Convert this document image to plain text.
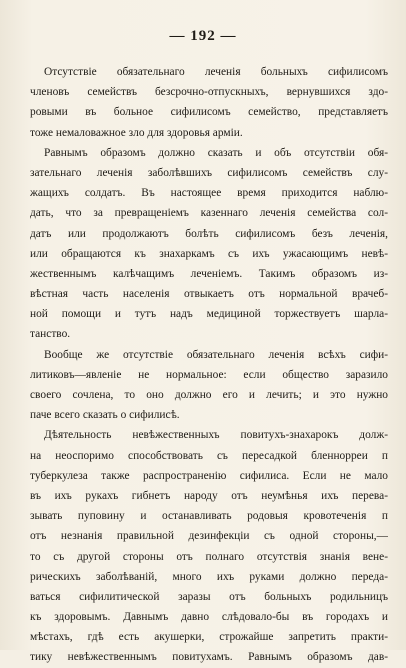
— 192 —
Отсутствіе обязательнаго леченія больныхъ сифилисомъ
членовъ семействъ безсрочно-отпускныхъ, вернувшихся здо-
ровыми въ больное сифилисомъ семейство, представляетъ
тоже немаловажное зло для здоровья арміи.
Равнымъ образомъ должно сказать и объ отсутствіи обя-
зательнаго леченія заболѣвшихъ сифилисомъ семействъ слу-
жащихъ солдатъ. Въ настоящее время приходится наблю-
дать, что за превращеніемъ казеннаго леченія семейства сол-
датъ или продолжаютъ болѣть сифилисомъ безъ леченія,
или обращаются къ знахаркамъ съ ихъ ужасающимъ невѣ-
жественнымъ калѣчащимъ леченіемъ. Такимъ образомъ из-
вѣстная часть населенія отвыкаетъ отъ нормальной врачеб-
ной помощи и тутъ надъ медициной торжествуетъ шарла-
танство.
Вообще же отсутствіе обязательнаго леченія всѣхъ сифи-
литиковъ—явленіе не нормальное: если общество заразило
своего сочлена, то оно должно его и лечить; и это нужно
паче всего сказать о сифилисѣ.
Дѣятельность невѣжественныхъ повитухъ-знахарокъ долж-
на неоспоримо способствовать съ пересадкой бленнорреи п
туберкулеза также распространенію сифилиса. Если не мало
въ ихъ рукахъ гибнетъ народу отъ неумѣнья ихъ перева-
зывать пуповину и останавливать родовыя кровотеченія п
отъ незнанія правильной дезинфекціи съ одной стороны,—
то съ другой стороны отъ полнаго отсутствія знанія вене-
рическихъ заболѣваній, много ихъ руками должно переда-
ваться сифилитической заразы отъ больныхъ родильницъ
къ здоровымъ. Давнымъ давно слѣдовало-бы въ городахъ и
мѣстахъ, гдѣ есть акушерки, строжайше запретить практи-
тику невѣжественнымъ повитухамъ. Равнымъ образомъ дав-
